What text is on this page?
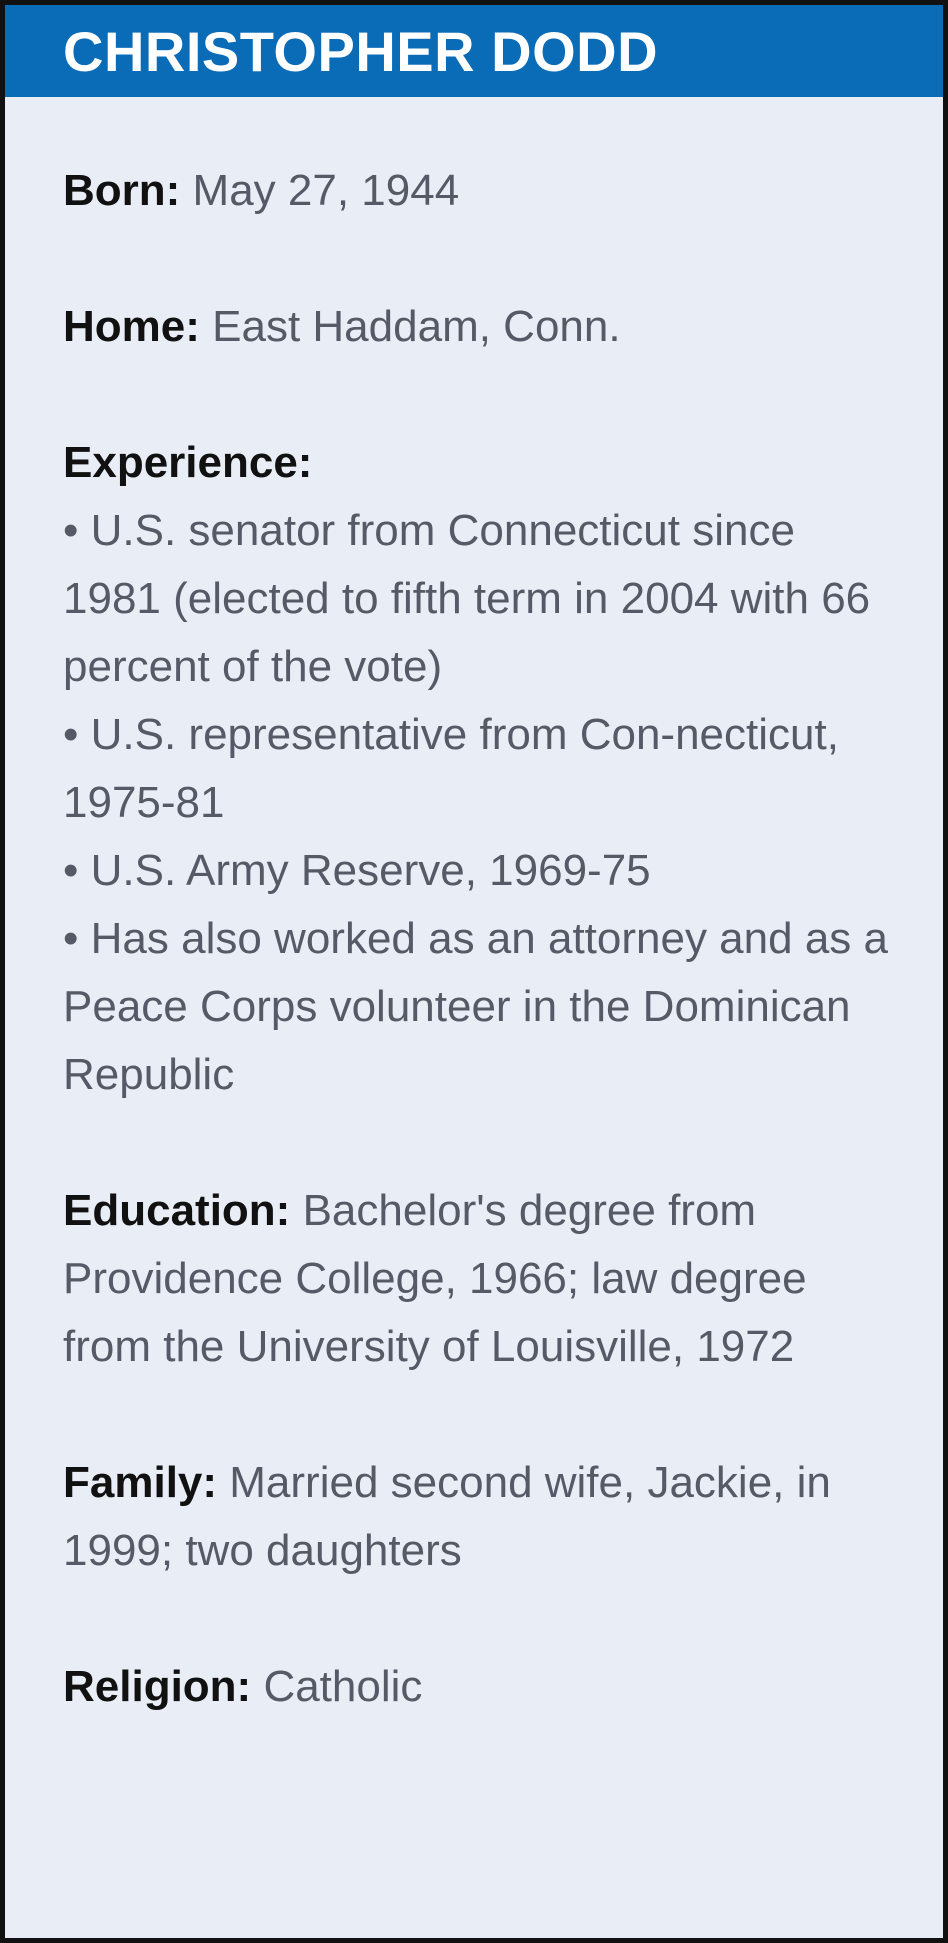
CHRISTOPHER DODD
Born: May 27, 1944
Home: East Haddam, Conn.
Experience:
• U.S. senator from Connecticut since 1981 (elected to fifth term in 2004 with 66 percent of the vote)
• U.S. representative from Con-necticut, 1975-81
• U.S. Army Reserve, 1969-75
• Has also worked as an attorney and as a Peace Corps volunteer in the Dominican Republic
Education: Bachelor's degree from Providence College, 1966; law degree from the University of Louisville, 1972
Family: Married second wife, Jackie, in 1999; two daughters
Religion: Catholic
